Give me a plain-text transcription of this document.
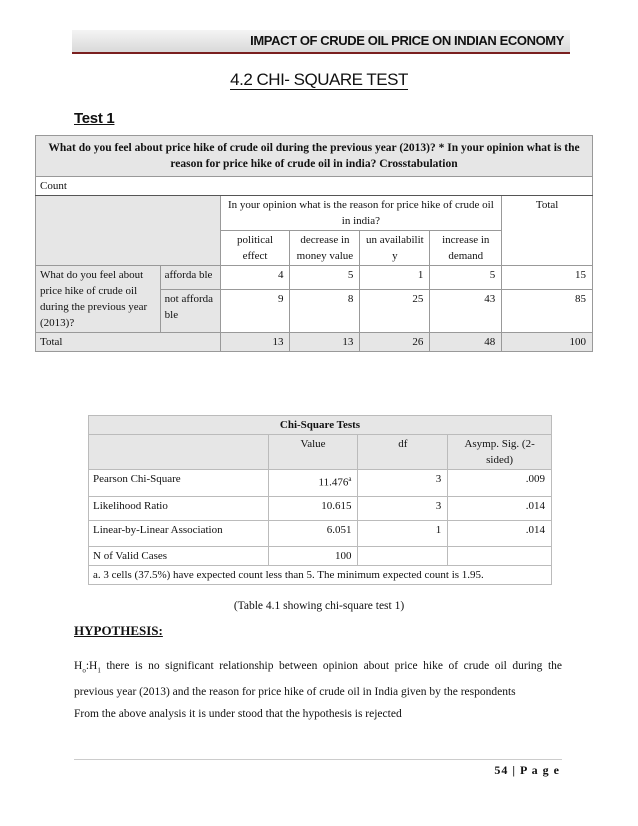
IMPACT OF CRUDE OIL PRICE ON INDIAN ECONOMY
4.2 CHI- SQUARE TEST
Test 1
What do you feel about price hike of crude oil during the previous year (2013)? * In your opinion what is the reason for price hike of crude oil in india? Crosstabulation						
Count						
		In your opinion what is the reason for price hike of crude oil in india?				Total
		political effect	decrease in money value	un availabilit y	increase in demand	
What do you feel about price hike of crude oil during the previous year (2013)?	afforda ble	4	5	1	5	15
	not afforda ble	9	8	25	43	85
Total		13	13	26	48	100
Chi-Square Tests			
	Value	df	Asymp. Sig. (2-sided)
Pearson Chi-Square	11.476$^a$	3	.009
Likelihood Ratio	10.615	3	.014
Linear-by-Linear Association	6.051	1	.014
N of Valid Cases	100		
a. 3 cells (37.5%) have expected count less than 5. The minimum expected count is 1.95.			
(Table 4.1 showing chi-square test 1)
HYPOTHESIS:
$H_o:H_1$ there is no significant relationship between opinion about price hike of crude oil during the previous year (2013) and the reason for price hike of crude oil in India given by the respondents
From the above analysis it is under stood that the hypothesis is rejected
54 | P a g e
